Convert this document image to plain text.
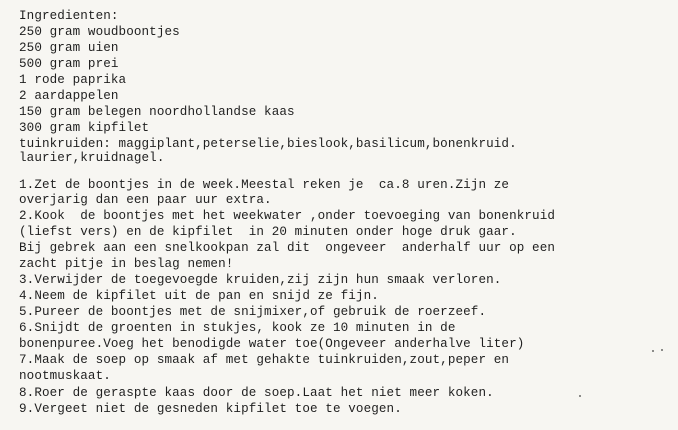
Ingredienten:

250 gram woudboontjes

250 gram uien

500 gram prei

1 rode paprika

2 aardappelen

150 gram belegen noordhollandse kaas

300 gram kipfilet

tuinkruiden: maggiplant,peterselie,bieslook,basilicum,bonenkruid.

laurier,kruidnagel.

1.Zet de boontjes in de week.Meestal reken je  ca.8 uren.Zijn ze

overjarig dan een paar uur extra.

2.Kook  de boontjes met het weekwater ,onder toevoeging van bonenkruid

(liefst vers) en de kipfilet  in 20 minuten onder hoge druk gaar.

Bij gebrek aan een snelkookpan zal dit  ongeveer  anderhalf uur op een

zacht pitje in beslag nemen!

3.Verwijder de toegevoegde kruiden,zij zijn hun smaak verloren.

4.Neem de kipfilet uit de pan en snijd ze fijn.

5.Pureer de boontjes met de snijmixer,of gebruik de roerzeef.

6.Snijdt de groenten in stukjes, kook ze 10 minuten in de

bonenpuree.Voeg het benodigde water toe(Ongeveer anderhalve liter)

7.Maak de soep op smaak af met gehakte tuinkruiden,zout,peper en

nootmuskaat.

8.Roer de geraspte kaas door de soep.Laat het niet meer koken.

9.Vergeet niet de gesneden kipfilet toe te voegen.
